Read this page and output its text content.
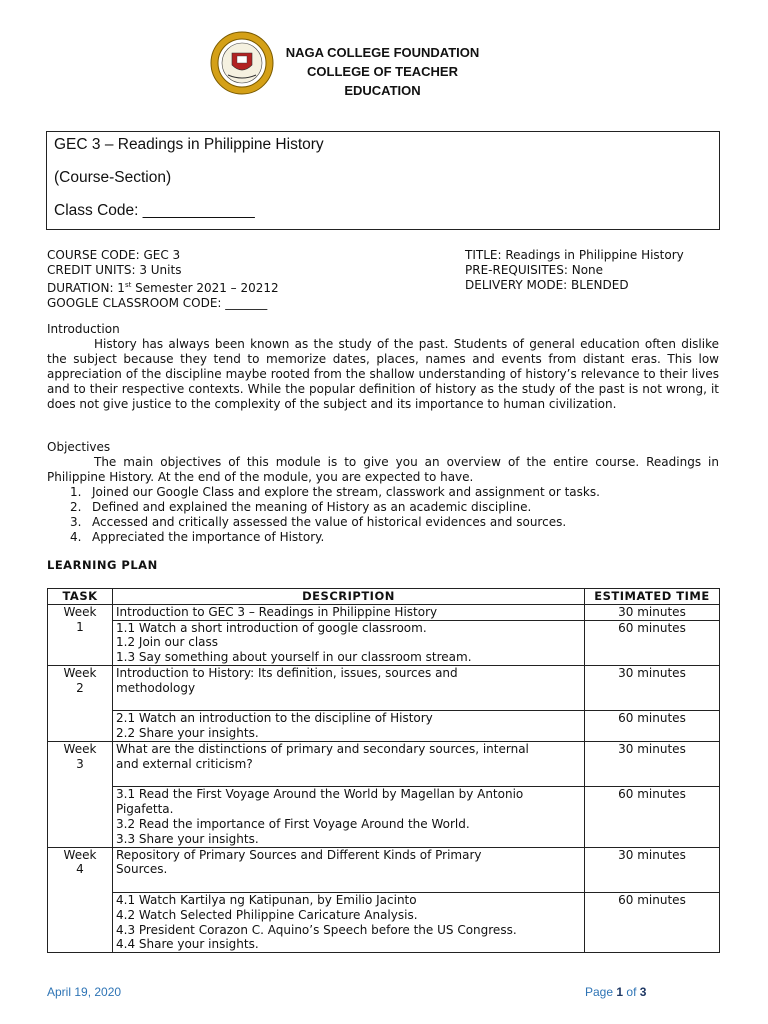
NAGA COLLEGE FOUNDATION
COLLEGE OF TEACHER EDUCATION
GEC 3 – Readings in Philippine History
(Course-Section)
Class Code: _____________
COURSE CODE: GEC 3
CREDIT UNITS: 3 Units
DURATION: 1st Semester 2021 – 20212
GOOGLE CLASSROOM CODE: _______
TITLE: Readings in Philippine History
PRE-REQUISITES: None
DELIVERY MODE: BLENDED
Introduction

History has always been known as the study of the past. Students of general education often dislike the subject because they tend to memorize dates, places, names and events from distant eras. This low appreciation of the discipline maybe rooted from the shallow understanding of history’s relevance to their lives and to their respective contexts. While the popular definition of history as the study of the past is not wrong, it does not give justice to the complexity of the subject and its importance to human civilization.

Objectives

The main objectives of this module is to give you an overview of the entire course. Readings in Philippine History. At the end of the module, you are expected to have.

1. Joined our Google Class and explore the stream, classwork and assignment or tasks.
2. Defined and explained the meaning of History as an academic discipline.
3. Accessed and critically assessed the value of historical evidences and sources.
4. Appreciated the importance of History.
LEARNING PLAN
TASK	DESCRIPTION	ESTIMATED TIME

Week
1	Introduction to GEC 3 – Readings in Philippine History	30 minutes

	1.1 Watch a short introduction of google classroom.
1.2 Join our class
1.3 Say something about yourself in our classroom stream.	60 minutes

Week
2	Introduction to History: Its definition, issues, sources and
methodology	30 minutes

	2.1 Watch an introduction to the discipline of History
2.2 Share your insights.	60 minutes

Week
3	What are the distinctions of primary and secondary sources, internal
and external criticism?	30 minutes

	3.1 Read the First Voyage Around the World by Magellan by Antonio
Pigafetta.
3.2 Read the importance of First Voyage Around the World.
3.3 Share your insights.	60 minutes

Week
4	Repository of Primary Sources and Different Kinds of Primary
Sources.	30 minutes

	4.1 Watch Kartilya ng Katipunan, by Emilio Jacinto
4.2 Watch Selected Philippine Caricature Analysis.
4.3 President Corazon C. Aquino’s Speech before the US Congress.
4.4 Share your insights.	60 minutes
April 19, 2020	Page 1 of 3
